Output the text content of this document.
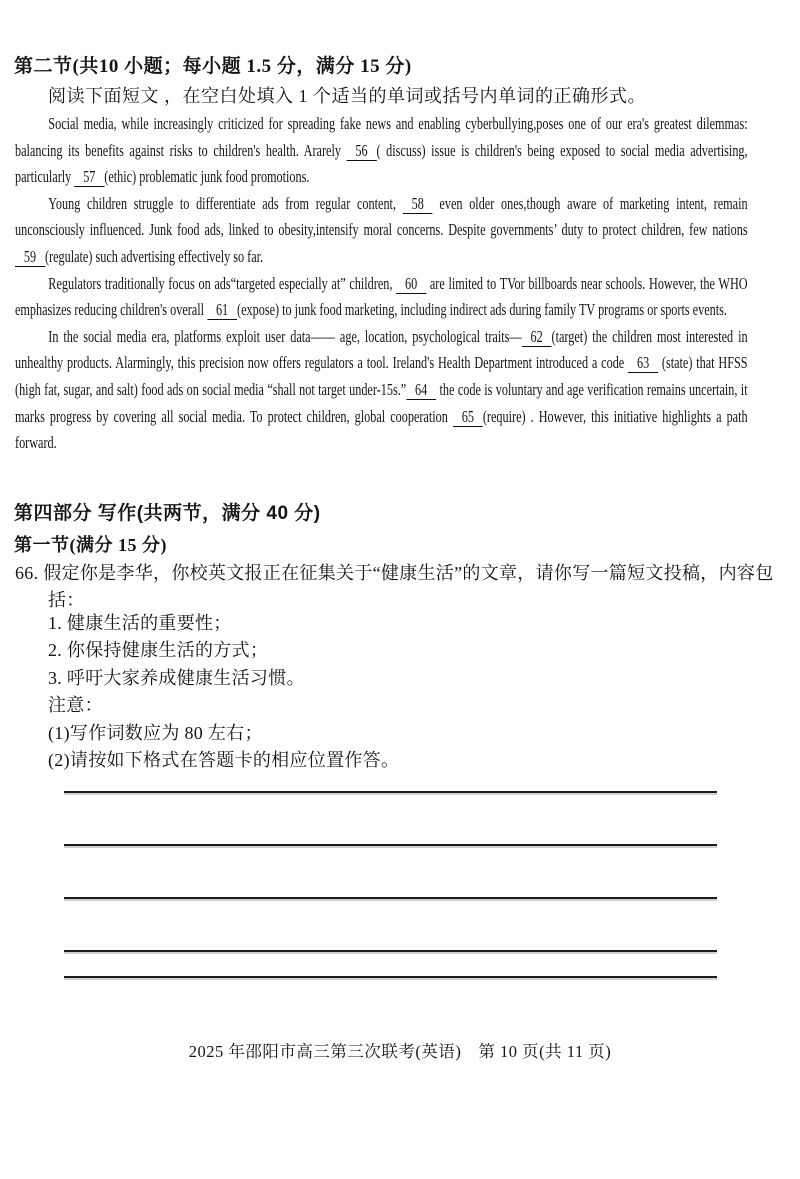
第二节(共10 小题；每小题 1.5 分，满分 15 分)
阅读下面短文 ，在空白处填入 1 个适当的单词或括号内单词的正确形式。

Social media, while increasingly criticized for spreading fake news and enabling cyberbullying,poses one of our era's greatest dilemmas: balancing its benefits against risks to children's health. Ararely 56 ( discuss) issue is children's being exposed to social media advertising, particularly 57 (ethic) problematic junk food promotions.

Young children struggle to differentiate ads from regular content, 58 even older ones,though aware of marketing intent, remain unconsciously influenced. Junk food ads, linked to obesity,intensify moral concerns. Despite governments’ duty to protect children, few nations 59 (regulate) such advertising effectively so far.

Regulators traditionally focus on ads“targeted especially at” children, 60 are limited to TVor billboards near schools. However, the WHO emphasizes reducing children's overall 61 (expose) to junk food marketing, including indirect ads during family TV programs or sports events.

In the social media era, platforms exploit user data—— age, location, psychological traits— 62 (target) the children most interested in unhealthy products. Alarmingly, this precision now offers regulators a tool. Ireland's Health Department introduced a code 63 (state) that HFSS (high fat, sugar, and salt) food ads on social media “shall not target under-15s.” 64 the code is voluntary and age verification remains uncertain, it marks progress by covering all social media. To protect children, global cooperation 65 (require) . However, this initiative highlights a path forward.

第四部分 写作(共两节，满分 40 分)
第一节(满分 15 分)
66. 假定你是李华，你校英文报正在征集关于“健康生活”的文章，请你写一篇短文投稿，内容包括：
1. 健康生活的重要性；
2. 你保持健康生活的方式；
3. 呼吁大家养成健康生活习惯。
注意：
(1)写作词数应为 80 左右；
(2)请按如下格式在答题卡的相应位置作答。
2025 年邵阳市高三第三次联考(英语)　第 10 页(共 11 页)
